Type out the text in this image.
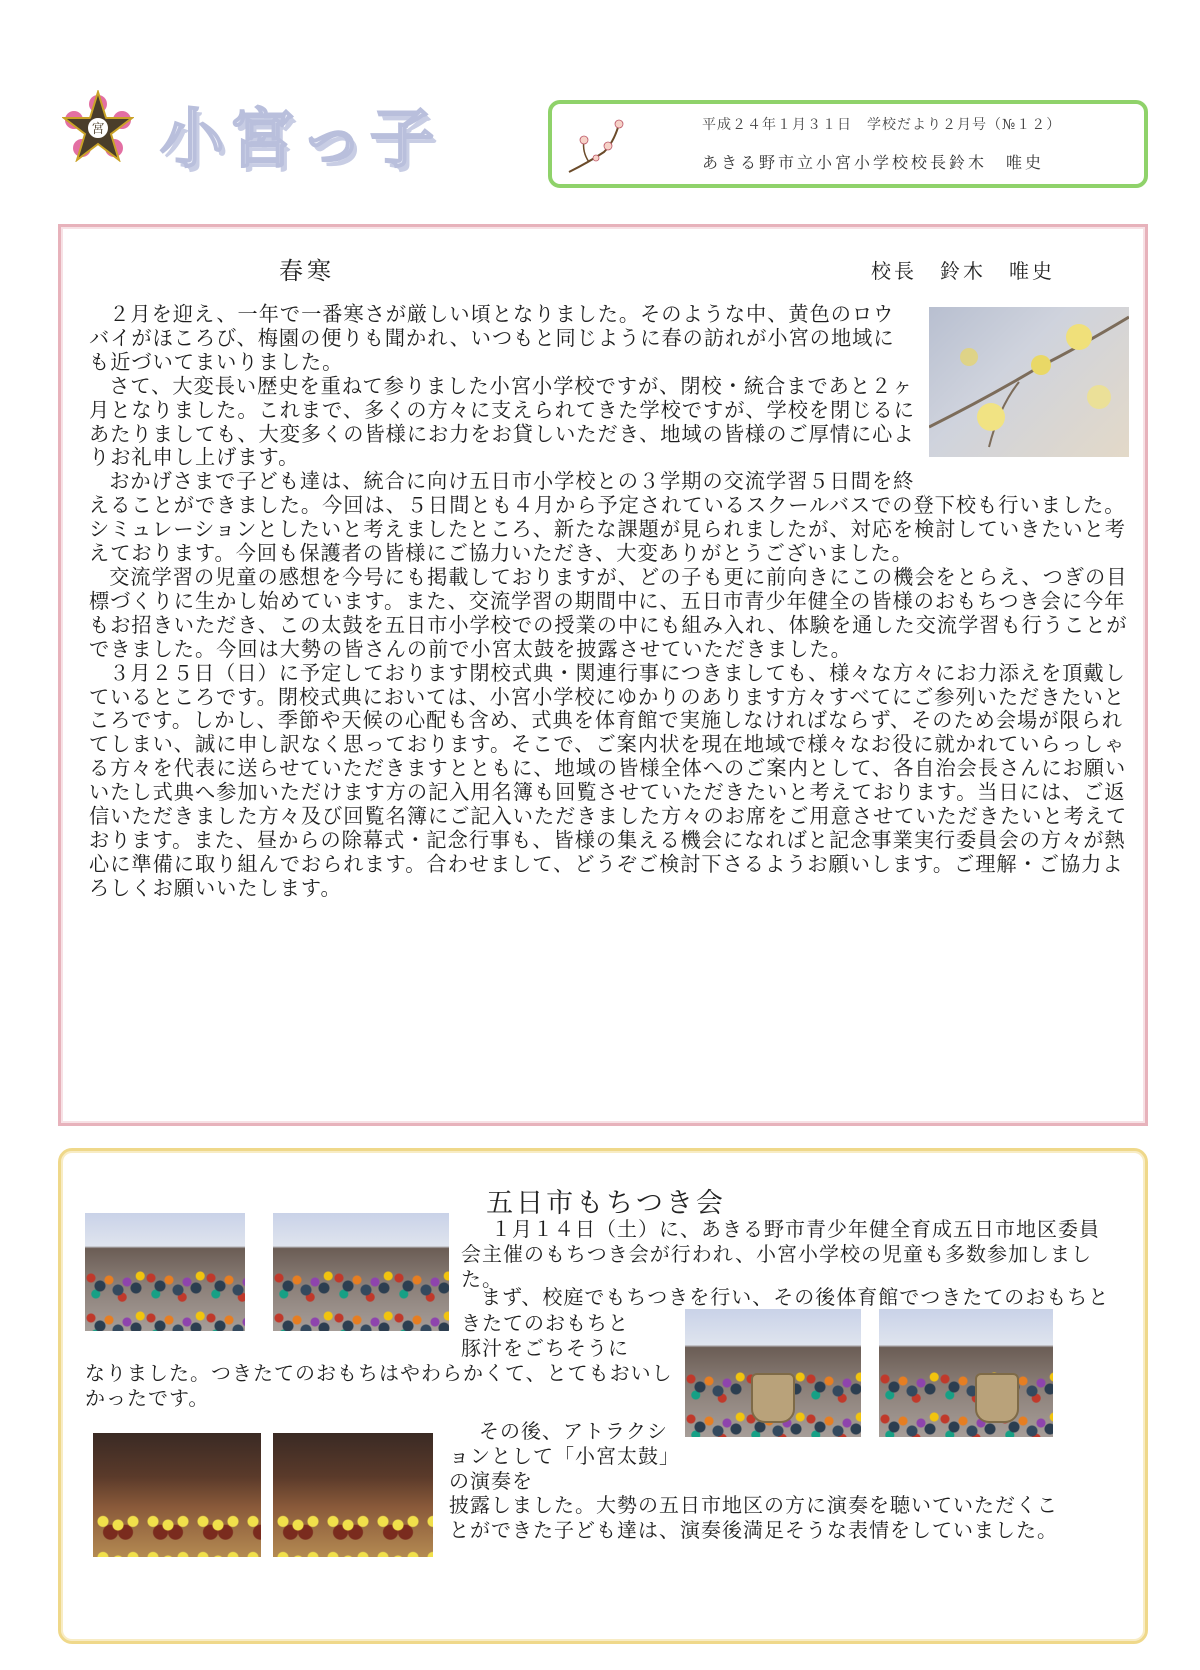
宮 小宮っ子	平成２４年１月３１日　学校だより２月号（№１２）
あきる野市立小宮小学校校長鈴木　唯史
春寒	校長　鈴木　唯史

２月を迎え、一年で一番寒さが厳しい頃となりました。そのような中、黄色のロウバイがほころび、梅園の便りも聞かれ、いつもと同じように春の訪れが小宮の地域にも近づいてまいりました。

さて、大変長い歴史を重ねて参りました小宮小学校ですが、閉校・統合まであと２ヶ月となりました。これまで、多くの方々に支えられてきた学校ですが、学校を閉じるにあたりましても、大変多くの皆様にお力をお貸しいただき、地域の皆様のご厚情に心よりお礼申し上げます。

おかげさまで子ども達は、統合に向け五日市小学校との３学期の交流学習５日間を終えることができました。今回は、５日間とも４月から予定されているスクールバスでの登下校も行いました。シミュレーションとしたいと考えましたところ、新たな課題が見られましたが、対応を検討していきたいと考えております。今回も保護者の皆様にご協力いただき、大変ありがとうございました。

交流学習の児童の感想を今号にも掲載しておりますが、どの子も更に前向きにこの機会をとらえ、つぎの目標づくりに生かし始めています。また、交流学習の期間中に、五日市青少年健全の皆様のおもちつき会に今年もお招きいただき、この太鼓を五日市小学校での授業の中にも組み入れ、体験を通した交流学習も行うことができました。今回は大勢の皆さんの前で小宮太鼓を披露させていただきました。

３月２５日（日）に予定しております閉校式典・関連行事につきましても、様々な方々にお力添えを頂戴しているところです。閉校式典においては、小宮小学校にゆかりのあります方々すべてにご参列いただきたいところです。しかし、季節や天候の心配も含め、式典を体育館で実施しなければならず、そのため会場が限られてしまい、誠に申し訳なく思っております。そこで、ご案内状を現在地域で様々なお役に就かれていらっしゃる方々を代表に送らせていただきますとともに、地域の皆様全体へのご案内として、各自治会長さんにお願いいたし式典へ参加いただけます方の記入用名簿も回覧させていただきたいと考えております。当日には、ご返信いただきました方々及び回覧名簿にご記入いただきました方々のお席をご用意させていただきたいと考えております。また、昼からの除幕式・記念行事も、皆様の集える機会になればと記念事業実行委員会の方々が熱心に準備に取り組んでおられます。合わせまして、どうぞご検討下さるようお願いします。ご理解・ご協力よろしくお願いいたします。

五日市もちつき会
１月１４日（土）に、あきる野市青少年健全育成五日市地区委員会主催のもちつき会が行われ、小宮小学校の児童も多数参加しました。
まず、校庭でもちつきを行い、その後体育館でつきたてのおもちと
きたてのおもちと
豚汁をごちそうに
なりました。つきたてのおもちはやわらかくて、とてもおいしかったです。
その後、アトラクションとして「小宮太鼓」の演奏を
披露しました。大勢の五日市地区の方に演奏を聴いていただくことができた子ども達は、演奏後満足そうな表情をしていました。
